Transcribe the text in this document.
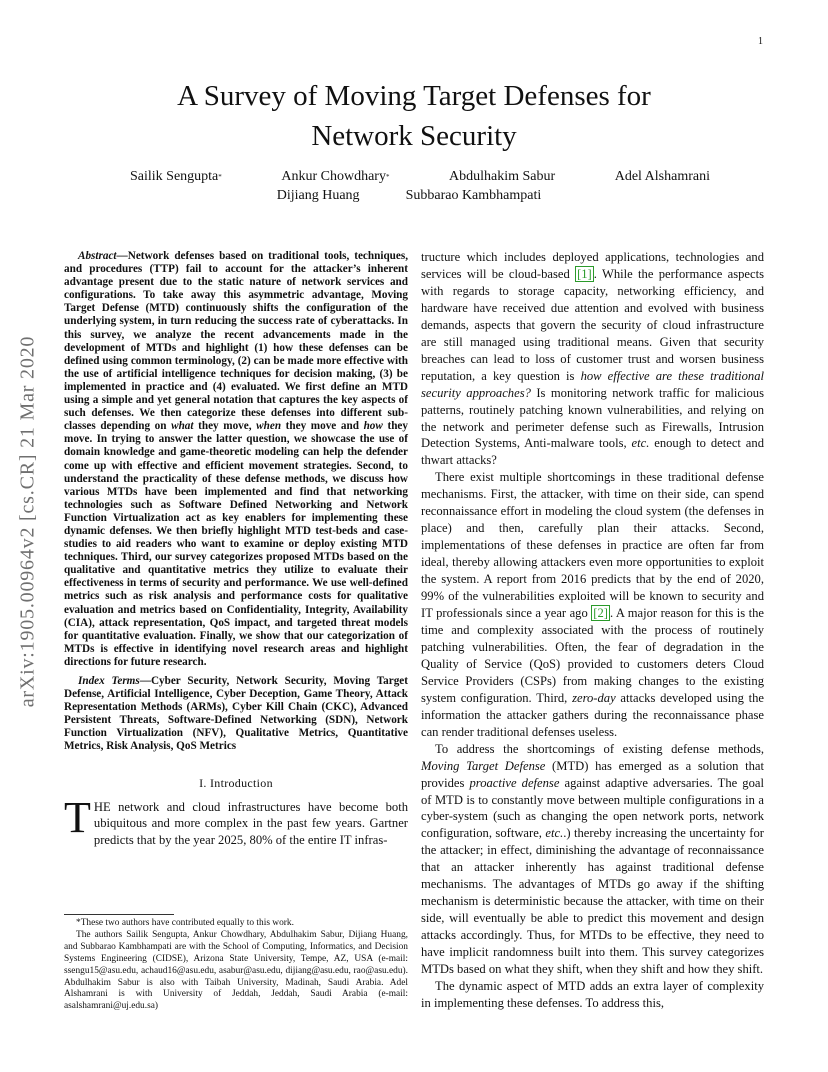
1
arXiv:1905.00964v2 [cs.CR] 21 Mar 2020
A Survey of Moving Target Defenses for
Network Security
Sailik Sengupta*	Ankur Chowdhary*	Abdulhakim Sabur	Adel Alshamrani
Dijiang Huang	Subbarao Kambhampati

Abstract—Network defenses based on traditional tools, techniques, and procedures (TTP) fail to account for the attacker’s inherent advantage present due to the static nature of network services and configurations. To take away this asymmetric advantage, Moving Target Defense (MTD) continuously shifts the configuration of the underlying system, in turn reducing the success rate of cyberattacks. In this survey, we analyze the recent advancements made in the development of MTDs and highlight (1) how these defenses can be defined using common terminology, (2) can be made more effective with the use of artificial intelligence techniques for decision making, (3) be implemented in practice and (4) evaluated. We first define an MTD using a simple and yet general notation that captures the key aspects of such defenses. We then categorize these defenses into different sub-classes depending on what they move, when they move and how they move. In trying to answer the latter question, we showcase the use of domain knowledge and game-theoretic modeling can help the defender come up with effective and efficient movement strategies. Second, to understand the practicality of these defense methods, we discuss how various MTDs have been implemented and find that networking technologies such as Software Defined Networking and Network Function Virtualization act as key enablers for implementing these dynamic defenses. We then briefly highlight MTD test-beds and case-studies to aid readers who want to examine or deploy existing MTD techniques. Third, our survey categorizes proposed MTDs based on the qualitative and quantitative metrics they utilize to evaluate their effectiveness in terms of security and performance. We use well-defined metrics such as risk analysis and performance costs for qualitative evaluation and metrics based on Confidentiality, Integrity, Availability (CIA), attack representation, QoS impact, and targeted threat models for quantitative evaluation. Finally, we show that our categorization of MTDs is effective in identifying novel research areas and highlight directions for future research.

Index Terms—Cyber Security, Network Security, Moving Target Defense, Artificial Intelligence, Cyber Deception, Game Theory, Attack Representation Methods (ARMs), Cyber Kill Chain (CKC), Advanced Persistent Threats, Software-Defined Networking (SDN), Network Function Virtualization (NFV), Qualitative Metrics, Quantitative Metrics, Risk Analysis, QoS Metrics

I. Introduction

THE network and cloud infrastructures have become both ubiquitous and more complex in the past few years. Gartner predicts that by the year 2025, 80% of the entire IT infras-

*These two authors have contributed equally to this work.

The authors Sailik Sengupta, Ankur Chowdhary, Abdulhakim Sabur, Dijiang Huang, and Subbarao Kambhampati are with the School of Computing, Informatics, and Decision Systems Engineering (CIDSE), Arizona State University, Tempe, AZ, USA (e-mail: ssengu15@asu.edu, achaud16@asu.edu, asabur@asu.edu, dijiang@asu.edu, rao@asu.edu). Abdulhakim Sabur is also with Taibah University, Madinah, Saudi Arabia. Adel Alshamrani is with University of Jeddah, Jeddah, Saudi Arabia (e-mail: asalshamrani@uj.edu.sa)

tructure which includes deployed applications, technologies and services will be cloud-based [1] . While the performance aspects with regards to storage capacity, networking efficiency, and hardware have received due attention and evolved with business demands, aspects that govern the security of cloud infrastructure are still managed using traditional means. Given that security breaches can lead to loss of customer trust and worsen business reputation, a key question is how effective are these traditional security approaches? Is monitoring network traffic for malicious patterns, routinely patching known vulnerabilities, and relying on the network and perimeter defense such as Firewalls, Intrusion Detection Systems, Anti-malware tools, etc. enough to detect and thwart attacks?

There exist multiple shortcomings in these traditional defense mechanisms. First, the attacker, with time on their side, can spend reconnaissance effort in modeling the cloud system (the defenses in place) and then, carefully plan their attacks. Second, implementations of these defenses in practice are often far from ideal, thereby allowing attackers even more opportunities to exploit the system. A report from 2016 predicts that by the end of 2020, 99% of the vulnerabilities exploited will be known to security and IT professionals since a year ago [2] . A major reason for this is the time and complexity associated with the process of routinely patching vulnerabilities. Often, the fear of degradation in the Quality of Service (QoS) provided to customers deters Cloud Service Providers (CSPs) from making changes to the existing system configuration. Third, zero-day attacks developed using the information the attacker gathers during the reconnaissance phase can render traditional defenses useless.

To address the shortcomings of existing defense methods, Moving Target Defense (MTD) has emerged as a solution that provides proactive defense against adaptive adversaries. The goal of MTD is to constantly move between multiple configurations in a cyber-system (such as changing the open network ports, network configuration, software, etc..) thereby increasing the uncertainty for the attacker; in effect, diminishing the advantage of reconnaissance that an attacker inherently has against traditional defense mechanisms. The advantages of MTDs go away if the shifting mechanism is deterministic because the attacker, with time on their side, will eventually be able to predict this movement and design attacks accordingly. Thus, for MTDs to be effective, they need to have implicit randomness built into them. This survey categorizes MTDs based on what they shift, when they shift and how they shift.

The dynamic aspect of MTD adds an extra layer of complexity in implementing these defenses. To address this,
